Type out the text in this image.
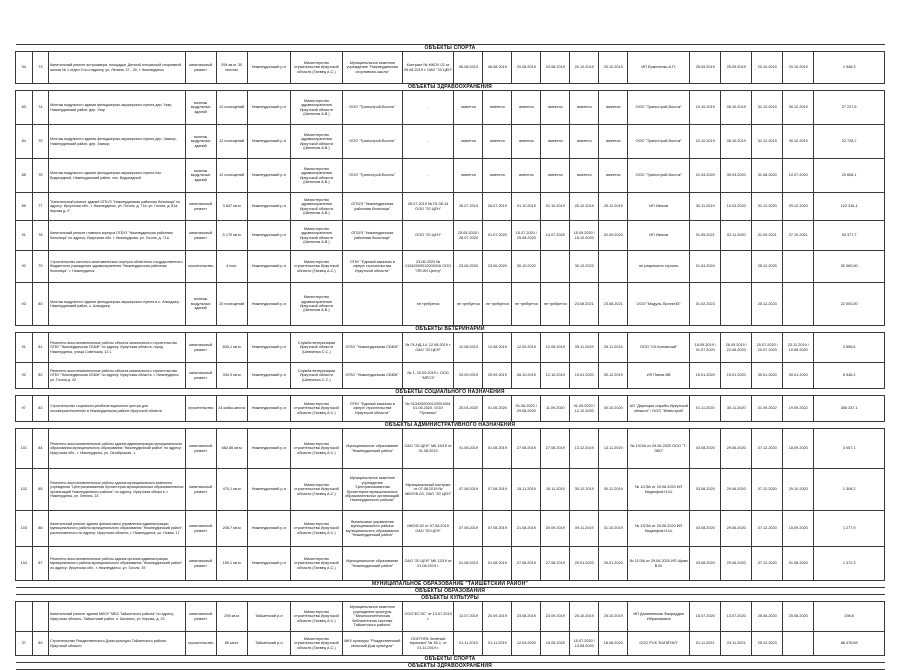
ОБЪЕКТЫ СПОРТА																				
94	73	Капитальный ремонт астросквера, площадки. Детской юношеской спортивной школы № 1 отдел 3 по стадиону, ул. Ленина, 37 - 39, г. Нижнеудинск	капитальный ремонт	294 кв.м. 30 чел/час	Нижнеудинский р-н	Министерство строительства Иркутской области (Гаевец А.С.)	Муниципальное казенное учреждение "Нижнеудинская спортивная школа"	Контракт № МКОУ-02 от 05.08.2019 г. ОАО "20 ЦЕН"	06.08.2019	06.08.2019	20.08.2019	20.08.2019	20.10.2019	20.10.2019	ИП Ермоленко А.П.	25.09.2019	25.09.2019	20.10.2019	20.10.2019	1 948,3
ОБЪЕКТЫ ЗДРАВООХРАНЕНИЯ																				
83	74	Монтаж модульного здания фельдшерско-акушерского пункта дер. Ухар, Нижнеудинский район, дер. Ухар	монтаж модульных зданий	12 посещений	Нижнеудинский р-н	Министерство здравоохранения Иркутской области (Шелехов А.В.)	ООО "Трансстрой-Восток"	-	имеется	имеется	имеется	имеется	имеется	имеется	ООО "Трансстрой-Восток"	10.10.2019	08.10.2019	31.12.2019	30.12.2019	27 227,6
84	75	Монтаж модульного здания фельдшерско-акушерского пункта дер. Замзор, Нижнеудинский район, дер. Замзор	монтаж модульных зданий	12 посещений	Нижнеудинский р-н	Министерство здравоохранения Иркутской области (Шелехов А.В.)	ООО "Трансстрой-Восток"	-	имеется	имеется	имеется	имеется	имеется	имеется	ООО "Трансстрой-Восток"	10.10.2019	08.10.2019	31.12.2019	30.12.2019	22 728,7
85	76	Монтаж модульного здания фельдшерско-акушерского пункта пос. Водопадный, Нижнеудинский район, пос. Водопадный	монтаж модульных зданий	12 посещений	Нижнеудинский р-н	Министерство здравоохранения Иркутской области (Шелехов А.В.)	ООО "Трансстрой-Восток"	-	имеется	имеется	имеется	имеется	имеется	имеется	ООО "Трансстрой-Восток"	01.04.2020	30.03.2020	31.08.2020	10.07.2020	20 608,1
89	77	"Капитальный ремонт зданий ОГБУЗ "Нижнеудинская районная больница" по адресу: Иркутская обл., г. Нижнеудинск, ул. Гоголя, д. 71а, ул. Гоголя, д. 81а, Кирова д. 2"	капитальный ремонт	3 847 кв.м	Нижнеудинский р-н	Министерство здравоохранения Иркутской области (Шелехов А.В.)	ОГБУЗ "Нижнеудинская районная больница"	26.07.2019 № ГК-08-14 ООО "20 ЦЕН"	26.07.2019	26.07.2019	01.10.2019	01.10.2019	25.12.2019	25.12.2019	ИП Ивтков	30.11.2019	10.03.2020	31.12.2020	29.12.2020	122 316,1
91	78	Капитальный ремонт главного корпуса ОГБУЗ "Нижнеудинская районная больница" по адресу: Иркутская обл. г. Нижнеудинск, ул. Гоголя, д. 71а	капитальный ремонт	5 170 кв.м	Нижнеудинский р-н	Министерство здравоохранения Иркутской области (Шелехов А.В.)	ОГБУЗ "Нижнеудинская районная больница"	ООО "20 ЦЕН"	25.05.2020 / 28.07.2020	01.07.2020	15.07.2020 / 25.08.2020	14.07.2020	15.09.2020 / 15.10.2020	02.09.2020	ИП Ивтков	01.05.2021	02.11.2020	01.09.2021	27.10.2021	93 377,7
92	79	Строительство патолого-анатомического корпуса областного государственного бюджетного учреждения здравоохранения "Нижнеудинская районная больница", г. Нижнеудинск	строительство	4 госп.	Нижнеудинский р-н	Министерство строительства Иркутской области (Гаевец А.С.)	ОГКУ "Единый заказчик в сфере строительства Иркутской области"	23.06.2020 № 01342000012000016 ООО "ЛЯ-ЛИ Центр"	23.06.2020	23.06.2020	30.10.2022		30.12.2022		не разрешено строить	01.04.2024		25.12.2025		30 060,00
93	80	Монтаж модульного здания фельдшерско-акушерского пункта в с. Алыгджер, Нижнеудинский район, с. Алыгджер	монтаж модульных зданий	20 посещений	Нижнеудинский р-н	Министерство здравоохранения Иркутской области (Шелехов А.В.)		не требуется	не требуется	не требуется	не требуется	не требуется	23.08.2021	23.08.2021	ООО "Модуль-Проект35"	01.02.2023		25.12.2023		22 000,00
ОБЪЕКТЫ ВЕТЕРИНАРИИ																				
91	81	Ремонтно-восстановительные работы объекта капитального строительства ОГБУ "Нижнеудинская СББЖ" по адресу: Иркутская область, город Нижнеудинск, улица Советская, 13 1	капитальный ремонт	843,1 кв.м	Нижнеудинский р-н	Служба ветеринарии Иркутской области (Шевченко С.С.)	ОГБУ "Нижнеудинская СББЖ"	№ ГК-НД-14, 12.08.2019 г. ОАО "20 ЦЕН"	12.08.2019	12.08.2019	12.09.2019	12.09.2019	05.11.2019	25.11.2019	ООО "СК Китимский"	18.09.2019 / 01.07.2020	26.09.2019 / 22.06.2020	20.07.2020 / 20.07.2020	23.12.2019 / 10.08.2020	3 556,6
92	82	Ремонтно-восстановительные работы объекта капитального строительства ОГБУ "Нижнеудинская СББЖ" по адресу: Иркутская область, г. Нижнеудинск, ул. Гоголя д. 42	капитальный ремонт	334,9 кв.м	Нижнеудинский р-н	Служба ветеринарии Иркутской области (Шевченко С.С.)	ОГБУ "Нижнеудинская СББЖ"	№ 1, 20.09.2019 г. ООО "МРСЭ"	20.09.2019	20.09.2019	08.10.2019	12.10.2019	10.01.2020	30.12.2019	ИП Панов ВВ	15.01.2020	15.01.2020	30.01.2020	30.01.2020	6 546,2
ОБЪЕКТЫ СОЦИАЛЬНОГО НАЗНАЧЕНИЯ																				
97	83	Строительство социально-реабилитационного центра для несовершеннолетних в Нижнеудинском районе Иркутской области	строительство	24 койко-места	Нижнеудинский р-н	Министерство строительства Иркутской области (Гаевец А.С.)	ОГКУ "Единый заказчик в сфере строительства Иркутской области"	№ 0134200000120001651 01.06.2020, ООО "Промэкс"	25.04.2020	01.06.2020	01.06.2020 / 29.08.2020	11.09.2020	01.09.2020 / 12.10.2020	30.10.2020	АО "Дирекция службы Иркутской области" / ООО "Инвестрой"	01.11.2020	30.11.2020	01.09.2022	19.09.2022	356 337,1
ОБЪЕКТЫ АДМИНИСТРАТИВНОГО НАЗНАЧЕНИЯ																				
101	84	Ремонтно-восстановительные работы здания администрации муниципального образования муниципального образования "Нижнеудинский район" по адресу: Иркутская обл., г. Нижнеудинск, ул. Октябрьская, 1	капитальный ремонт	682,86 кв.м	Нижнеудинский р-н	Министерство строительства Иркутской области (Гаевец А.С.)	Муниципальное образование "Нижнеудинский район"	ОАО "20 ЦЕН" МК 15/19 от 01.08.2019	01.08.2019	01.08.2019	27.08.2019	27.08.2019	13.12.2019	13.11.2019	№ 10/ЭА от 29.06.2020 ООО "Т-ЭКО"	03.08.2020	29.06.2020	07.12.2020	18.09.2020	3 057,1
102	85	Ремонтно-восстановительные работы здания муниципального казенного учреждения "Централизованная бухгалтерия муниципальных образовательных организаций Нижнеудинского района" по адресу: Иркутская область, г. Нижнеудинск, ул. Ленина, 23	капитальный ремонт	470,1 кв.м	Нижнеудинский р-н	Министерство строительства Иркутской области (Гаевец А.С.)	Муниципальное казенное учреждение "Централизованная бухгалтерия муниципальных образовательных организаций Нижнеудинского района"	Муниципальный контракт от 07.08.2019 № МКОУБ-03, ОАО "20 ЦЕН"	07.08.2019	07.08.2019	15.11.2019	15.11.2019	30.12.2019	30.12.2019	№ 12/ЭА от 29.06.2020 ИП Надилфов Н.Ш.	03.08.2020	29.06.2020	07.12.2020	29.10.2020	1 308,2
103	86	Капитальный ремонт здания финансового управления администрации муниципального района муниципального образования "Нижнеудинский район", расположенного по адресу: Иркутская область, г. Нижнеудинск, ул. Новая, 17	капитальный ремонт	208,7 кв.м	Нижнеудинский р-н	Министерство строительства Иркутской области (Гаевец А.С.)	Финансовое управление муниципального района муниципального образования "Нижнеудинский район"	МКОФ-02 от 07.08.2019 ОАО "20 ЦЕН"	07.08.2019	07.08.2019	21.08.2019	20.09.2019	09.11.2019	31.10.2019	№ 13/ЭА от 29.06.2020 ИП Надилфов Н.Ш.	03.08.2020	29.06.2020	07.12.2020	15.09.2020	1 277,9
104	87	Ремонтно-восстановительные работы здания органов администрации муниципального района муниципального образования "Нижнеудинский район" по адресу: Иркутская обл., г. Нижнеудинск, ул. Гоголя, 39	капитальный ремонт	159,1 кв.м	Нижнеудинский р-н	Министерство строительства Иркутской области (Гаевец А.С.)	Муниципальное образование "Нижнеудинский район"	ОАО "20 ЦЕН" МК 13/19 от 01.08.2019 г.	01.08.2019	01.08.2019	27.08.2019	27.08.2019	29.01.2020	25.01.2020	№ 11/ЭА от 29.06.2020 ИП Шрам В.М.	03.08.2020	29.06.2020	07.12.2020	01.08.2020	1 372,3
МУНИЦИПАЛЬНОЕ ОБРАЗОВАНИЕ "ТАЙШЕТСКИЙ РАЙОН"																				
ОБЪЕКТЫ ОБРАЗОВАНИЯ																				
ОБЪЕКТЫ КУЛЬТУРЫ																				
		Капитальный ремонт здания МКОУ "МБС Тайшетского района" по адресу: Иркутская область, Тайшетский район, п. Шиткино, ул. Кирова, д. 23	капитальный ремонт	295 кв.м	Тайшетский р-н	Министерство строительства Иркутской области (Гаевец А.С.)	Муниципальное казенное учреждение культуры "Межпоселенческая библиотечная система Тайшетского района"	ООО"ЕСЭС" от 13.07.2019 г.	13.07.2019	20.09.2019	23.08.2019	23.09.2019	25.10.2019	25.10.2019	ИП Данилевская Фахриддин Ибрагимовна	15.07.2020	13.07.2020	25.08.2020	25.08.2020	198,6
37	89	Строительство Рождественского Дома культуры Тайшетского района Иркутской области	строительство	80 мест	Тайшетский р-н	Министерство строительства Иркутской области (Гаевец А.С.)	МКУ культуры "Рождественский сельский Дом культуры"	ООО"НПК Зелёный терпинал" № 36-1, от 01.11.2019 г.	01.11.2019	01.11.2019	12.03.2020	15.05.2020	15.07.2020 / 13.08.2020	18.08.2020	ООО РСК "КАПИТАЛ"	01.11.2021	24.11.2021	25.12.2023		88 476,69
ОБЪЕКТЫ СПОРТА																				
ОБЪЕКТЫ ЗДРАВООХРАНЕНИЯ																				
